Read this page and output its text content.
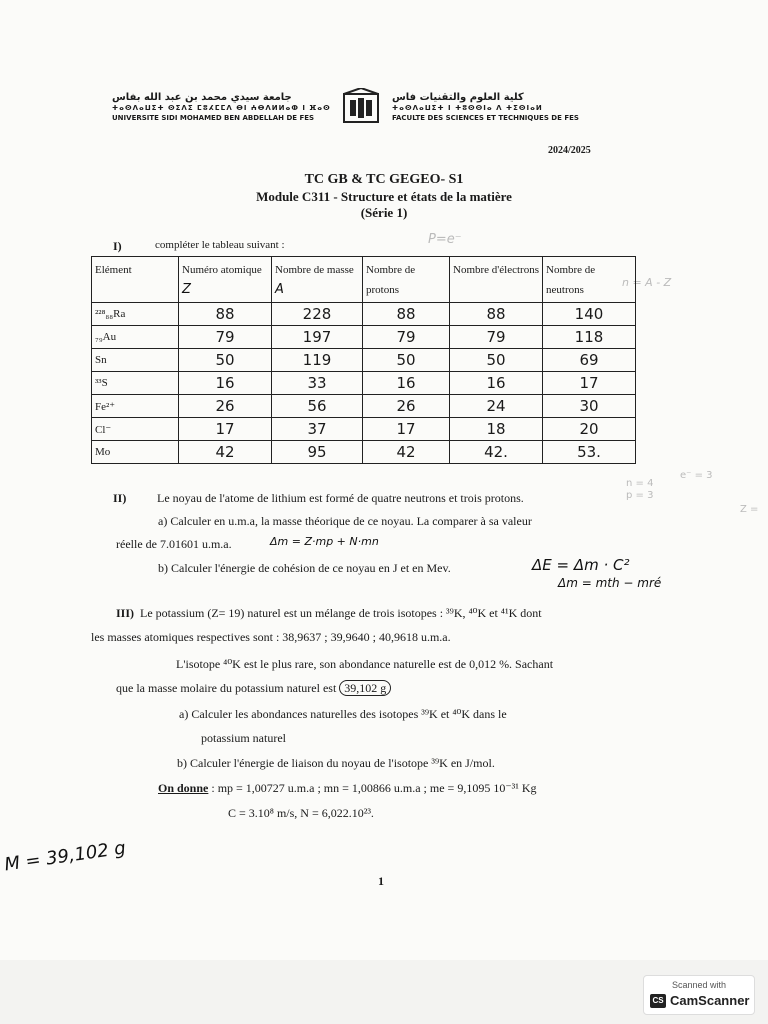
جامعة سيدي محمد بن عبد الله بفاس
ⵜⴰⵙⴷⴰⵡⵉⵜ ⵙⵉⴷⵉ ⵎⵓⵃⵎⵎⴷ ⴱⵏ ⵄⴱⴷⵍⵍⴰⵀ ⵏ ⴼⴰⵙ
UNIVERSITE SIDI MOHAMED BEN ABDELLAH DE FES
كلية العلوم والتقنيات فاس
ⵜⴰⵙⴷⴰⵡⵉⵜ ⵏ ⵜⵓⵙⵙⵏⴰ ⴷ ⵜⵉⵙⵏⴰⵍ
FACULTE DES SCIENCES ET TECHNIQUES DE FES
2024/2025
TC GB & TC GEGEO- S1
Module C311 - Structure et états de la matière
(Série 1)
I)	compléter le tableau suivant :	P=e⁻
n = A - Z
Elément	Numéro atomique Z	Nombre de masse A	Nombre de protons	Nombre d'électrons	Nombre de neutrons
²²⁸₈₈Ra	88	228	88	88	140
₇₉Au	79	197	79	79	118
Sn	50	119	50	50	69
³³S	16	33	16	16	17
Fe²⁺	26	56	26	24	30
Cl⁻	17	37	17	18	20
Mo	42	95	42	42.	53.
II)	Le noyau de l'atome de lithium est formé de quatre neutrons et trois protons.
a) Calculer en u.m.a, la masse théorique de ce noyau. La comparer à sa valeur
réelle de 7.01601 u.m.a.	Δm = Z·mp + N·mn
b) Calculer l'énergie de cohésion de ce noyau en J et en Mev.	ΔE = Δm · C²
Δm = mth − mré
n = 4
p = 3
e⁻ = 3
Z =
III) Le potassium (Z= 19) naturel est un mélange de trois isotopes : ³⁹K, ⁴⁰K et ⁴¹K dont
les masses atomiques respectives sont : 38,9637 ; 39,9640 ; 40,9618 u.m.a.
L'isotope ⁴⁰K est le plus rare, son abondance naturelle est de 0,012 %. Sachant
que la masse molaire du potassium naturel est 39,102 g
a) Calculer les abondances naturelles des isotopes ³⁹K et ⁴⁰K dans le
potassium naturel
b) Calculer l'énergie de liaison du noyau de l'isotope ³⁹K en J/mol.
On donne : mp = 1,00727 u.m.a ; mn = 1,00866 u.m.a ; me = 9,1095 10⁻³¹ Kg
C = 3.10⁸ m/s, N = 6,022.10²³.
M = 39,102 g
1
Scanned with
CS CamScanner
